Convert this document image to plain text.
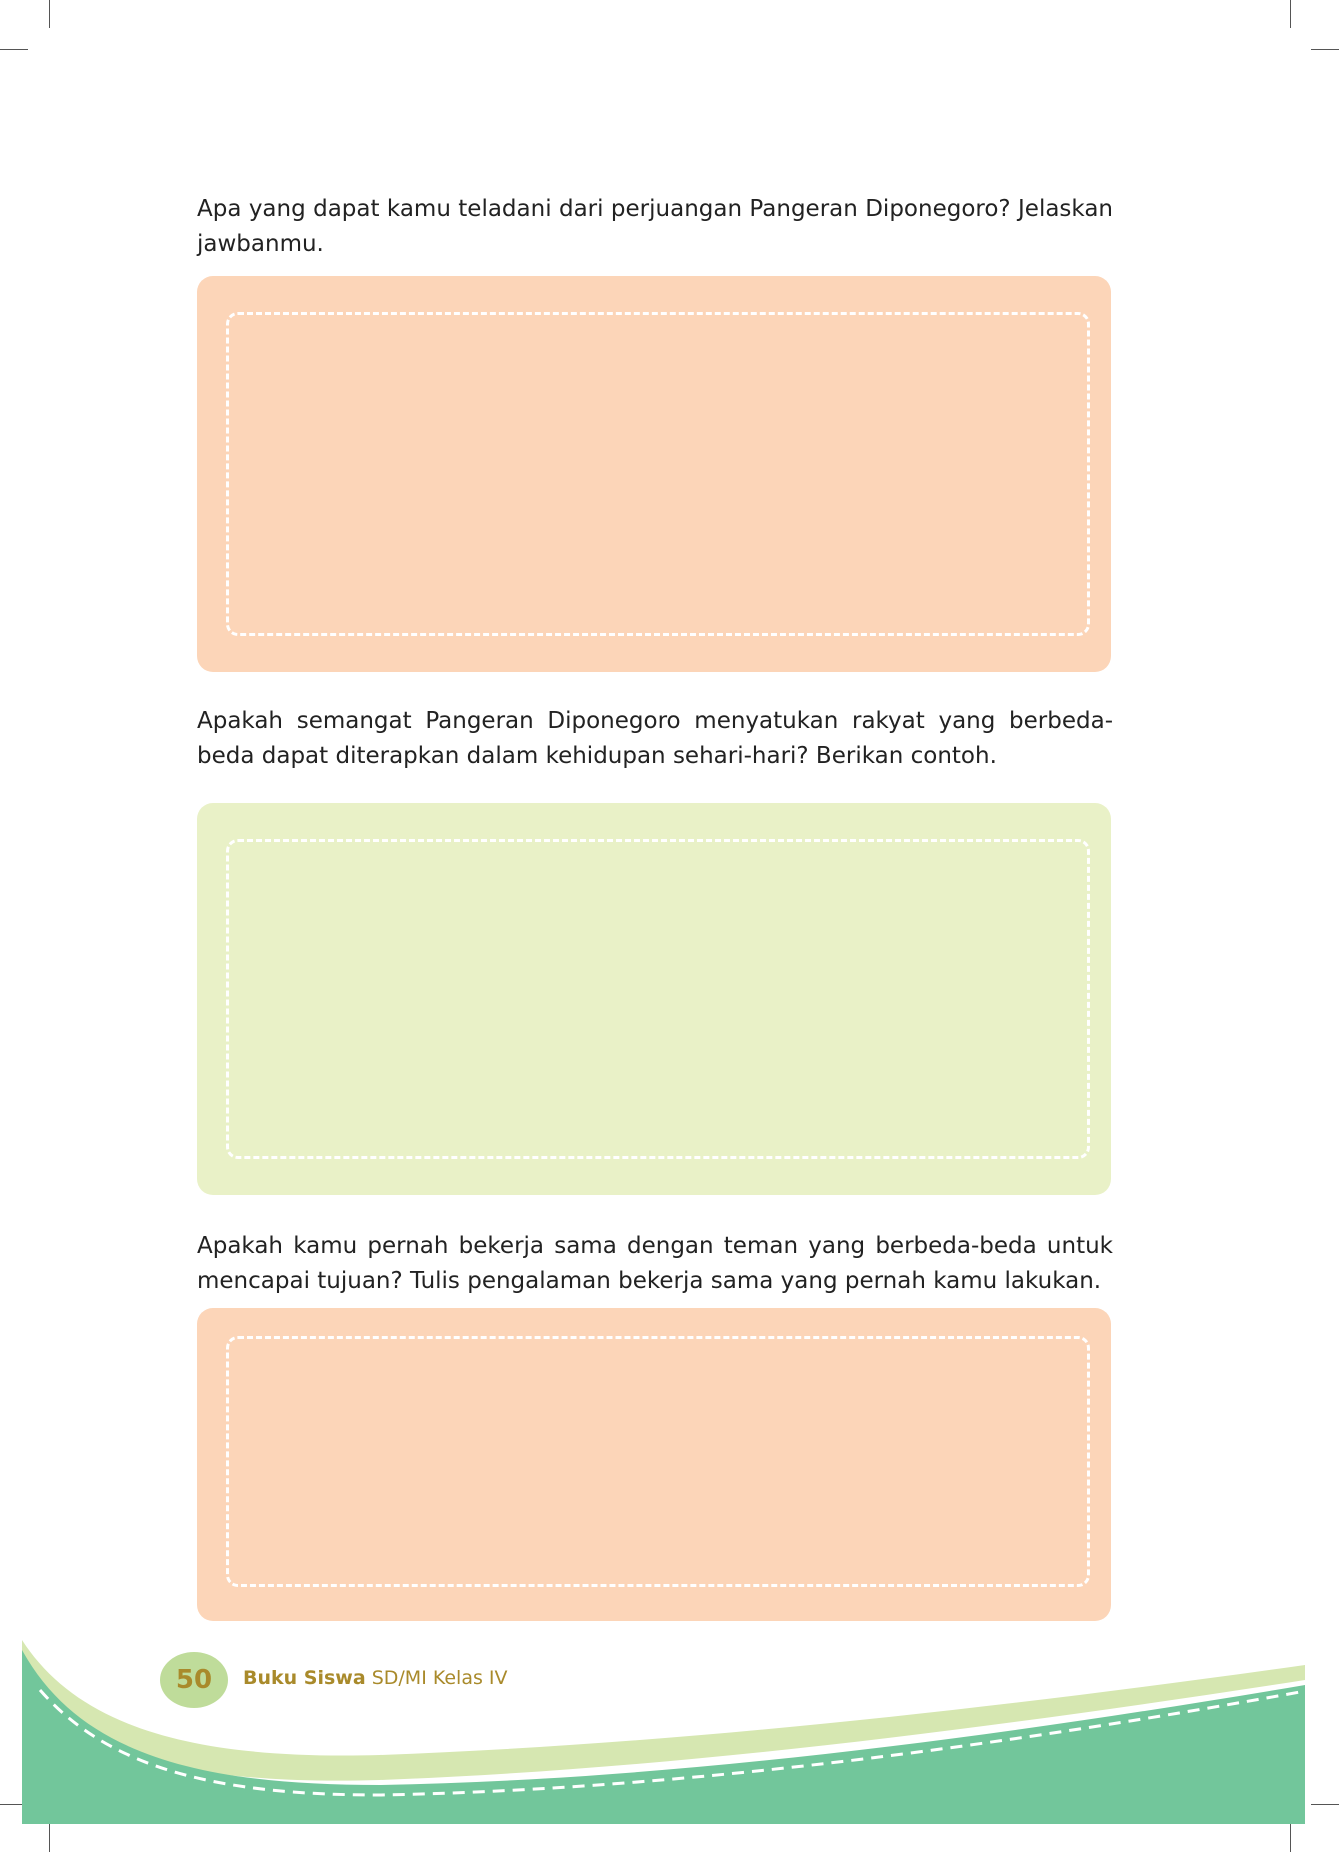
Apa yang dapat kamu teladani dari perjuangan Pangeran Diponegoro? Jelaskan jawbanmu.

Apakah semangat Pangeran Diponegoro menyatukan rakyat yang berbeda-beda dapat diterapkan dalam kehidupan sehari-hari? Berikan contoh.

Apakah kamu pernah bekerja sama dengan teman yang berbeda-beda untuk mencapai tujuan? Tulis pengalaman bekerja sama yang pernah kamu lakukan.

50 Buku Siswa SD/MI Kelas IV
